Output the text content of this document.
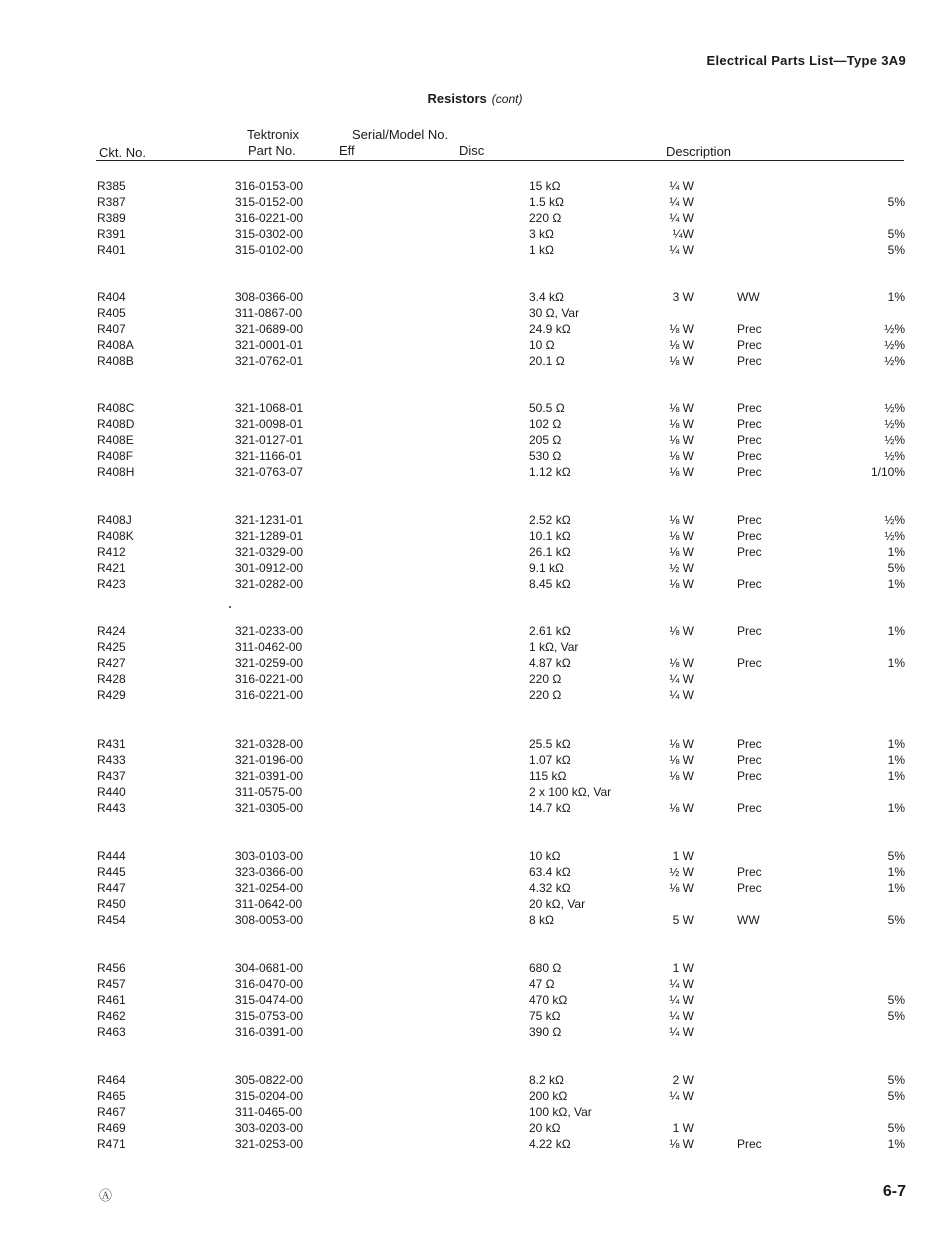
Electrical Parts List—Type 3A9
Resistors (cont)
Tektronix
Part No.
Serial/Model No.
Eff	Disc
Ckt. No.	Description
R385	316-0153-00	15 kΩ	¼ W
R387	315-0152-00	1.5 kΩ	¼ W	5%
R389	316-0221-00	220 Ω	¼ W
R391	315-0302-00	3 kΩ	¼W	5%
R401	315-0102-00	1 kΩ	¼ W	5%
R404	308-0366-00	3.4 kΩ	3 W	WW	1%
R405	311-0867-00	30 Ω, Var
R407	321-0689-00	24.9 kΩ	⅛ W	Prec	½%
R408A	321-0001-01	10 Ω	⅛ W	Prec	½%
R408B	321-0762-01	20.1 Ω	⅛ W	Prec	½%
R408C	321-1068-01	50.5 Ω	⅛ W	Prec	½%
R408D	321-0098-01	102 Ω	⅛ W	Prec	½%
R408E	321-0127-01	205 Ω	⅛ W	Prec	½%
R408F	321-1166-01	530 Ω	⅛ W	Prec	½%
R408H	321-0763-07	1.12 kΩ	⅛ W	Prec	1/10%
R408J	321-1231-01	2.52 kΩ	⅛ W	Prec	½%
R408K	321-1289-01	10.1 kΩ	⅛ W	Prec	½%
R412	321-0329-00	26.1 kΩ	⅛ W	Prec	1%
R421	301-0912-00	9.1 kΩ	½ W	5%
R423	321-0282-00	8.45 kΩ	⅛ W	Prec	1%
R424	321-0233-00	2.61 kΩ	⅛ W	Prec	1%
R425	311-0462-00	1 kΩ, Var
R427	321-0259-00	4.87 kΩ	⅛ W	Prec	1%
R428	316-0221-00	220 Ω	¼ W
R429	316-0221-00	220 Ω	¼ W
R431	321-0328-00	25.5 kΩ	⅛ W	Prec	1%
R433	321-0196-00	1.07 kΩ	⅛ W	Prec	1%
R437	321-0391-00	115 kΩ	⅛ W	Prec	1%
R440	311-0575-00	2 x 100 kΩ, Var
R443	321-0305-00	14.7 kΩ	⅛ W	Prec	1%
R444	303-0103-00	10 kΩ	1 W	5%
R445	323-0366-00	63.4 kΩ	½ W	Prec	1%
R447	321-0254-00	4.32 kΩ	⅛ W	Prec	1%
R450	311-0642-00	20 kΩ, Var
R454	308-0053-00	8 kΩ	5 W	WW	5%
R456	304-0681-00	680 Ω	1 W
R457	316-0470-00	47 Ω	¼ W
R461	315-0474-00	470 kΩ	¼ W	5%
R462	315-0753-00	75 kΩ	¼ W	5%
R463	316-0391-00	390 Ω	¼ W
R464	305-0822-00	8.2 kΩ	2 W	5%
R465	315-0204-00	200 kΩ	¼ W	5%
R467	311-0465-00	100 kΩ, Var
R469	303-0203-00	20 kΩ	1 W	5%
R471	321-0253-00	4.22 kΩ	⅛ W	Prec	1%
Ⓐ	6-7
